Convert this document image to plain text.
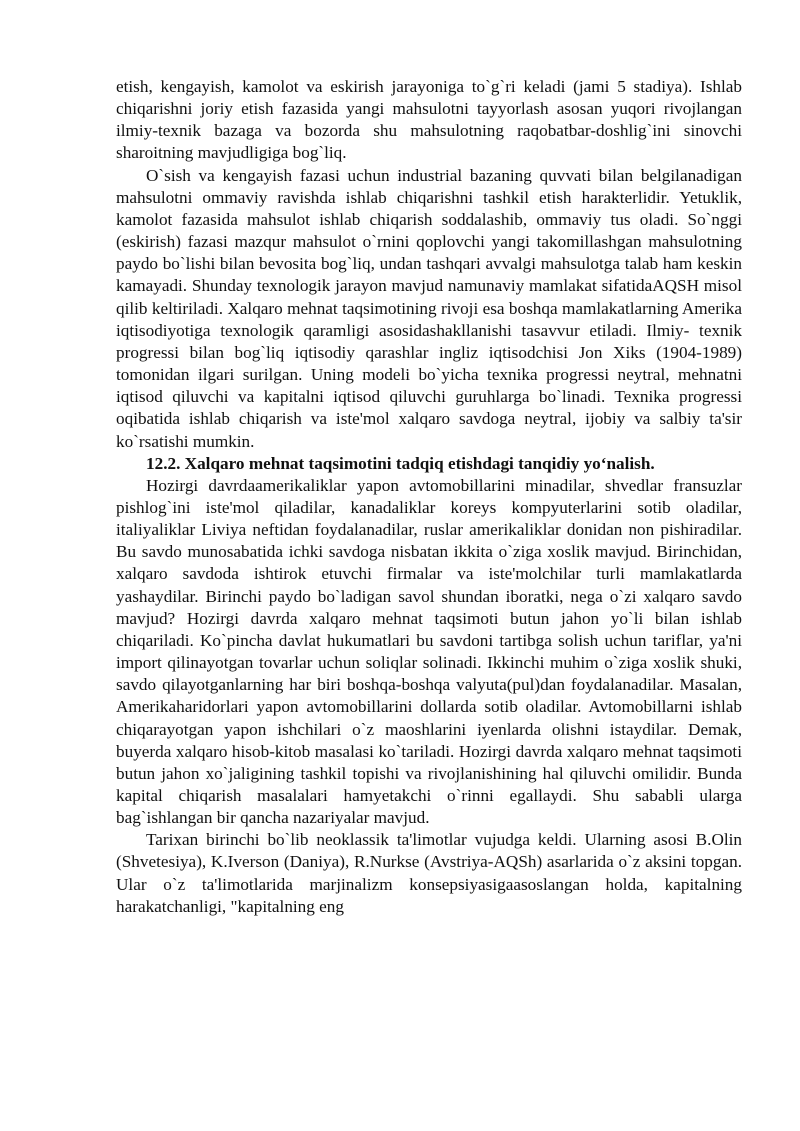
etish, kengayish, kamolot va eskirish jarayoniga to`g`ri keladi (jami 5 stadiya). Ishlab chiqarishni joriy etish fazasida yangi mahsulotni tayyorlash asosan yuqori rivojlangan ilmiy-texnik bazaga va bozorda shu mahsulotning raqobatbar-doshlig`ini sinovchi sharoitning mavjudligiga bog`liq.

O`sish va kengayish fazasi uchun industrial bazaning quvvati bilan belgilanadigan mahsulotni ommaviy ravishda ishlab chiqarishni tashkil etish harakterlidir. Yetuklik, kamolot fazasida mahsulot ishlab chiqarish soddalashib, ommaviy tus oladi. So`nggi (eskirish) fazasi mazqur mahsulot o`rnini qoplovchi yangi takomillashgan mahsulotning paydo bo`lishi bilan bevosita bog`liq, undan tashqari avvalgi mahsulotga talab ham keskin kamayadi. Shunday texnologik jarayon mavjud namunaviy mamlakat sifatidaAQSH misol qilib keltiriladi. Xalqaro mehnat taqsimotining rivoji esa boshqa mamlakatlarning Amerika iqtisodiyotiga texnologik qaramligi asosidashakllanishi tasavvur etiladi. Ilmiy- texnik progressi bilan bog`liq iqtisodiy qarashlar ingliz iqtisodchisi Jon Xiks (1904-1989) tomonidan ilgari surilgan. Uning modeli bo`yicha texnika progressi neytral, mehnatni iqtisod qiluvchi va kapitalni iqtisod qiluvchi guruhlarga bo`linadi. Texnika progressi oqibatida ishlab chiqarish va iste'mol xalqaro savdoga neytral, ijobiy va salbiy ta'sir ko`rsatishi mumkin.

12.2. Xalqaro mehnat taqsimotini tadqiq etishdagi tanqidiy yo‘nalish.

Hozirgi davrdaamerikaliklar yapon avtomobillarini minadilar, shvedlar fransuzlar pishlog`ini iste'mol qiladilar, kanadaliklar koreys kompyuterlarini sotib oladilar, italiyaliklar Liviya neftidan foydalanadilar, ruslar amerikaliklar donidan non pishiradilar. Bu savdo munosabatida ichki savdoga nisbatan ikkita o`ziga xoslik mavjud. Birinchidan, xalqaro savdoda ishtirok etuvchi firmalar va iste'molchilar turli mamlakatlarda yashaydilar. Birinchi paydo bo`ladigan savol shundan iboratki, nega o`zi xalqaro savdo mavjud? Hozirgi davrda xalqaro mehnat taqsimoti butun jahon yo`li bilan ishlab chiqariladi. Ko`pincha davlat hukumatlari bu savdoni tartibga solish uchun tariflar, ya'ni import qilinayotgan tovarlar uchun soliqlar solinadi. Ikkinchi muhim o`ziga xoslik shuki, savdo qilayotganlarning har biri boshqa-boshqa valyuta(pul)dan foydalanadilar. Masalan, Amerikaharidorlari yapon avtomobillarini dollarda sotib oladilar. Avtomobillarni ishlab chiqarayotgan yapon ishchilari o`z maoshlarini iyenlarda olishni istaydilar. Demak, buyerda xalqaro hisob-kitob masalasi ko`tariladi. Hozirgi davrda xalqaro mehnat taqsimoti butun jahon xo`jaligining tashkil topishi va rivojlanishining hal qiluvchi omilidir. Bunda kapital chiqarish masalalari hamyetakchi o`rinni egallaydi. Shu sababli ularga bag`ishlangan bir qancha nazariyalar mavjud.

Tarixan birinchi bo`lib neoklassik ta'limotlar vujudga keldi. Ularning asosi B.Olin (Shvetesiya), K.Iverson (Daniya), R.Nurkse (Avstriya-AQSh) asarlarida o`z aksini topgan. Ular o`z ta'limotlarida marjinalizm konsepsiyasigaasoslangan holda, kapitalning harakatchanligi, "kapitalning eng
